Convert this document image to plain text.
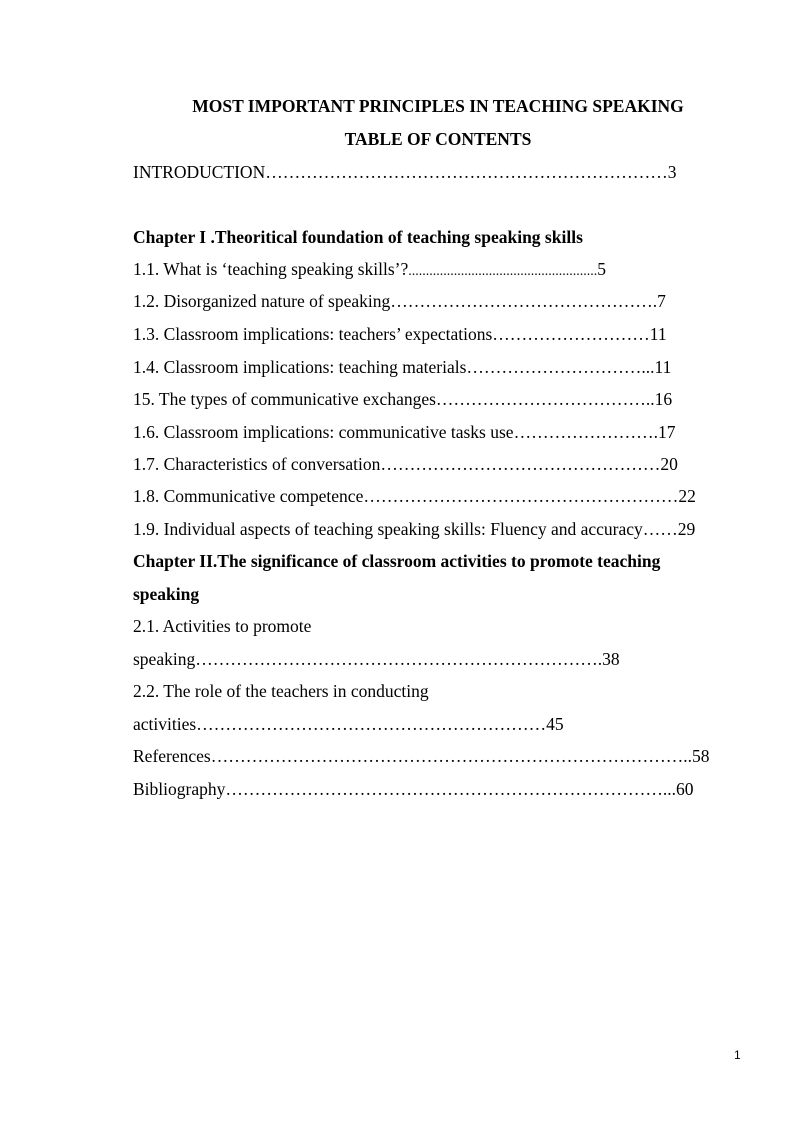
MOST IMPORTANT PRINCIPLES IN TEACHING SPEAKING
TABLE OF CONTENTS
INTRODUCTION……………………………………………………………3
Chapter I .Theoritical foundation of teaching speaking skills
1.1. What is ‘teaching speaking skills’?......................................................5
1.2. Disorganized nature of speaking……………………………………….7
1.3. Classroom implications: teachers’ expectations………………………11
1.4. Classroom implications: teaching materials…………………………...11
15. The types of communicative exchanges………………………………..16
1.6. Classroom implications: communicative tasks use…………………….17
1.7. Characteristics of conversation…………………………………………20
1.8. Communicative competence………………………………………………22
1.9. Individual aspects of teaching speaking skills: Fluency and accuracy……29
Chapter II.The significance of classroom activities to promote teaching
speaking
2.1. Activities to promote
speaking…………………………………………………………….38
2.2. The role of the teachers in conducting
activities……………………………………………………45
References………………………………………………………………………..58
Bibliography…………………………………………………………………...60
1
